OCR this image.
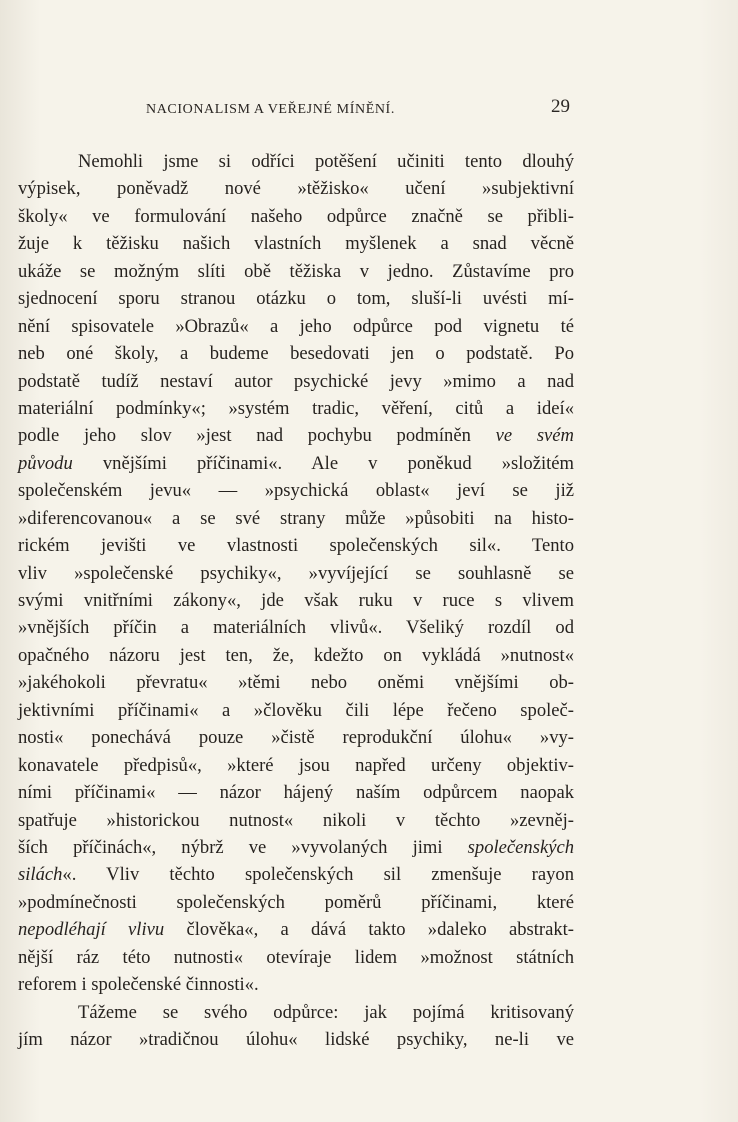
NACIONALISM A VEŘEJNÉ MÍNĚNÍ.	29
Nemohli jsme si odříci potěšení učiniti tento dlouhý
výpisek, poněvadž nové »těžisko« učení »subjektivní
školy« ve formulování našeho odpůrce značně se přibli-
žuje k těžisku našich vlastních myšlenek a snad věcně
ukáže se možným slíti obě těžiska v jedno. Zůstavíme pro
sjednocení sporu stranou otázku o tom, sluší-li uvésti mí-
nění spisovatele »Obrazů« a jeho odpůrce pod vignetu té
neb oné školy, a budeme besedovati jen o podstatě. Po
podstatě tudíž nestaví autor psychické jevy »mimo a nad
materiální podmínky«; »systém tradic, věření, citů a ideí«
podle jeho slov »jest nad pochybu podmíněn ve svém
původu vnějšími příčinami«. Ale v poněkud »složitém
společenském jevu« — »psychická oblast« jeví se již
»diferencovanou« a se své strany může »působiti na histo-
rickém jevišti ve vlastnosti společenských sil«. Tento
vliv »společenské psychiky«, »vyvíjející se souhlasně se
svými vnitřními zákony«, jde však ruku v ruce s vlivem
»vnějších příčin a materiálních vlivů«. Všeliký rozdíl od
opačného názoru jest ten, že, kdežto on vykládá »nutnost«
»jakéhokoli převratu« »těmi nebo oněmi vnějšími ob-
jektivními příčinami« a »člověku čili lépe řečeno společ-
nosti« ponechává pouze »čistě reprodukční úlohu« »vy-
konavatele předpisů«, »které jsou napřed určeny objektiv-
ními příčinami« — názor hájený naším odpůrcem naopak
spatřuje »historickou nutnost« nikoli v těchto »zevněj-
ších příčinách«, nýbrž ve »vyvolaných jimi společenských
silách«. Vliv těchto společenských sil zmenšuje rayon
»podmínečnosti společenských poměrů příčinami, které
nepodléhají vlivu člověka«, a dává takto »daleko abstrakt-
nější ráz této nutnosti« otevíraje lidem »možnost státních
reforem i společenské činnosti«.
Tážeme se svého odpůrce: jak pojímá kritisovaný
jím názor »tradičnou úlohu« lidské psychiky, ne-li ve
